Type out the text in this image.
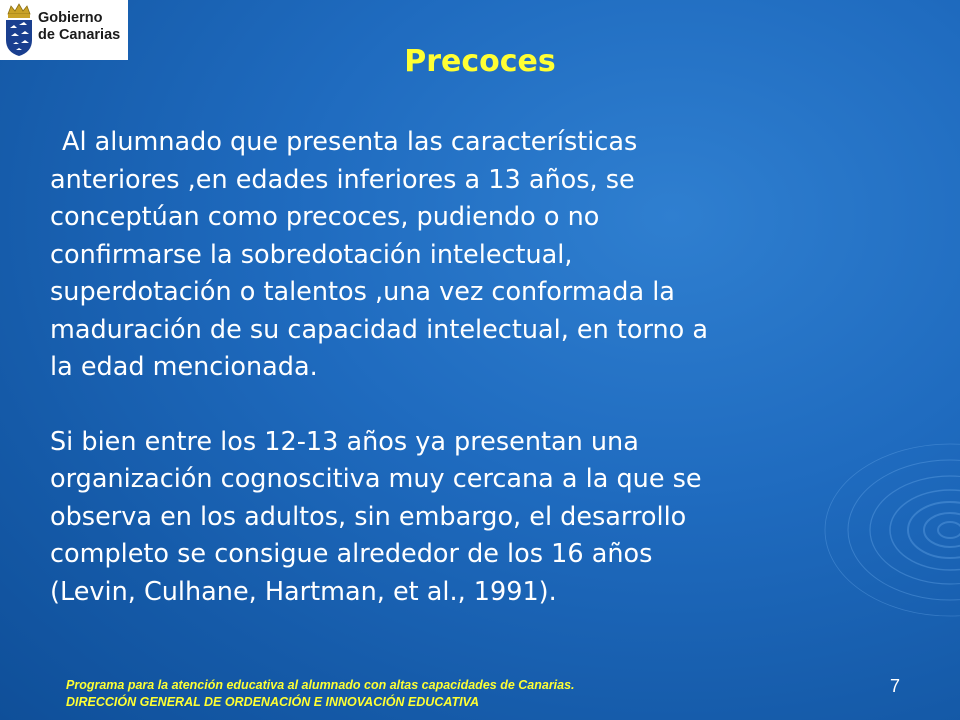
Gobierno
de Canarias
Precoces

Al alumnado que presenta las características
anteriores ,en edades inferiores a 13 años, se
conceptúan como precoces, pudiendo o no
confirmarse la sobredotación intelectual,
superdotación o talentos ,una vez conformada la
maduración de su capacidad intelectual, en torno a
la edad mencionada.

Si bien entre los 12-13 años ya presentan una
organización cognoscitiva muy cercana a la que se
observa en los adultos, sin embargo, el desarrollo
completo se consigue alrededor de los 16 años
(Levin, Culhane, Hartman, et al., 1991).

Programa para la atención educativa al alumnado con altas capacidades de Canarias.
DIRECCIÓN GENERAL DE ORDENACIÓN E INNOVACIÓN EDUCATIVA
7
